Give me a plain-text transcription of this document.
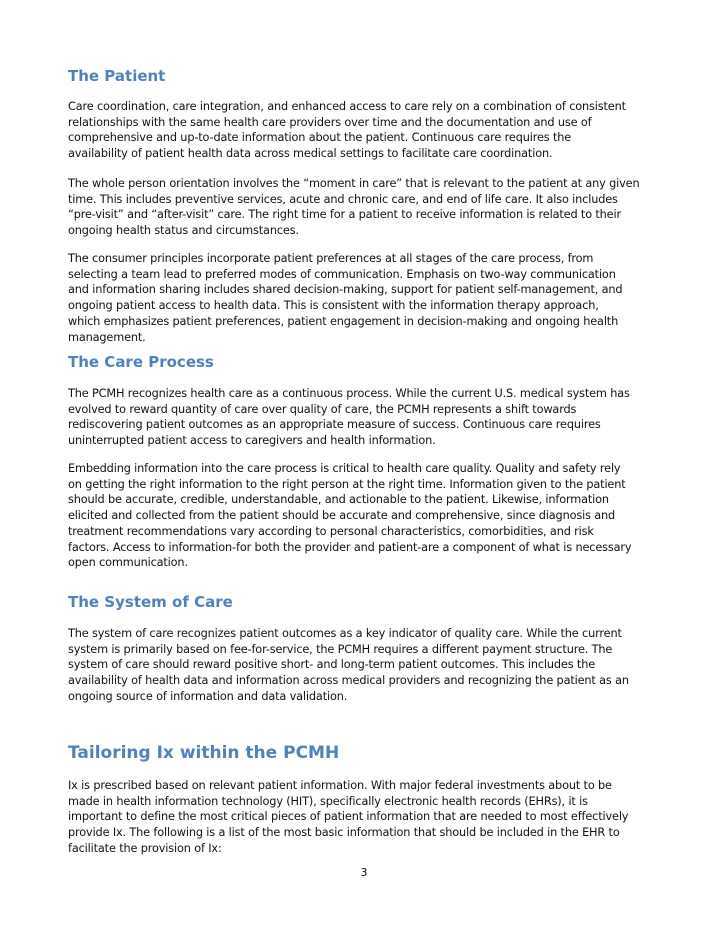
The Patient
Care coordination, care integration, and enhanced access to care rely on a combination of consistent
relationships with the same health care providers over time and the documentation and use of
comprehensive and up-to-date information about the patient. Continuous care requires the
availability of patient health data across medical settings to facilitate care coordination.
The whole person orientation involves the “moment in care” that is relevant to the patient at any given
time. This includes preventive services, acute and chronic care, and end of life care. It also includes
“pre-visit” and “after-visit” care. The right time for a patient to receive information is related to their
ongoing health status and circumstances.
The consumer principles incorporate patient preferences at all stages of the care process, from
selecting a team lead to preferred modes of communication. Emphasis on two-way communication
and information sharing includes shared decision-making, support for patient self-management, and
ongoing patient access to health data. This is consistent with the information therapy approach,
which emphasizes patient preferences, patient engagement in decision-making and ongoing health
management.
The Care Process
The PCMH recognizes health care as a continuous process. While the current U.S. medical system has
evolved to reward quantity of care over quality of care, the PCMH represents a shift towards
rediscovering patient outcomes as an appropriate measure of success. Continuous care requires
uninterrupted patient access to caregivers and health information.
Embedding information into the care process is critical to health care quality. Quality and safety rely
on getting the right information to the right person at the right time. Information given to the patient
should be accurate, credible, understandable, and actionable to the patient. Likewise, information
elicited and collected from the patient should be accurate and comprehensive, since diagnosis and
treatment recommendations vary according to personal characteristics, comorbidities, and risk
factors. Access to information-for both the provider and patient-are a component of what is necessary
open communication.
The System of Care
The system of care recognizes patient outcomes as a key indicator of quality care. While the current
system is primarily based on fee-for-service, the PCMH requires a different payment structure. The
system of care should reward positive short- and long-term patient outcomes. This includes the
availability of health data and information across medical providers and recognizing the patient as an
ongoing source of information and data validation.
Tailoring Ix within the PCMH
Ix is prescribed based on relevant patient information. With major federal investments about to be
made in health information technology (HIT), specifically electronic health records (EHRs), it is
important to define the most critical pieces of patient information that are needed to most effectively
provide Ix. The following is a list of the most basic information that should be included in the EHR to
facilitate the provision of Ix:
3
